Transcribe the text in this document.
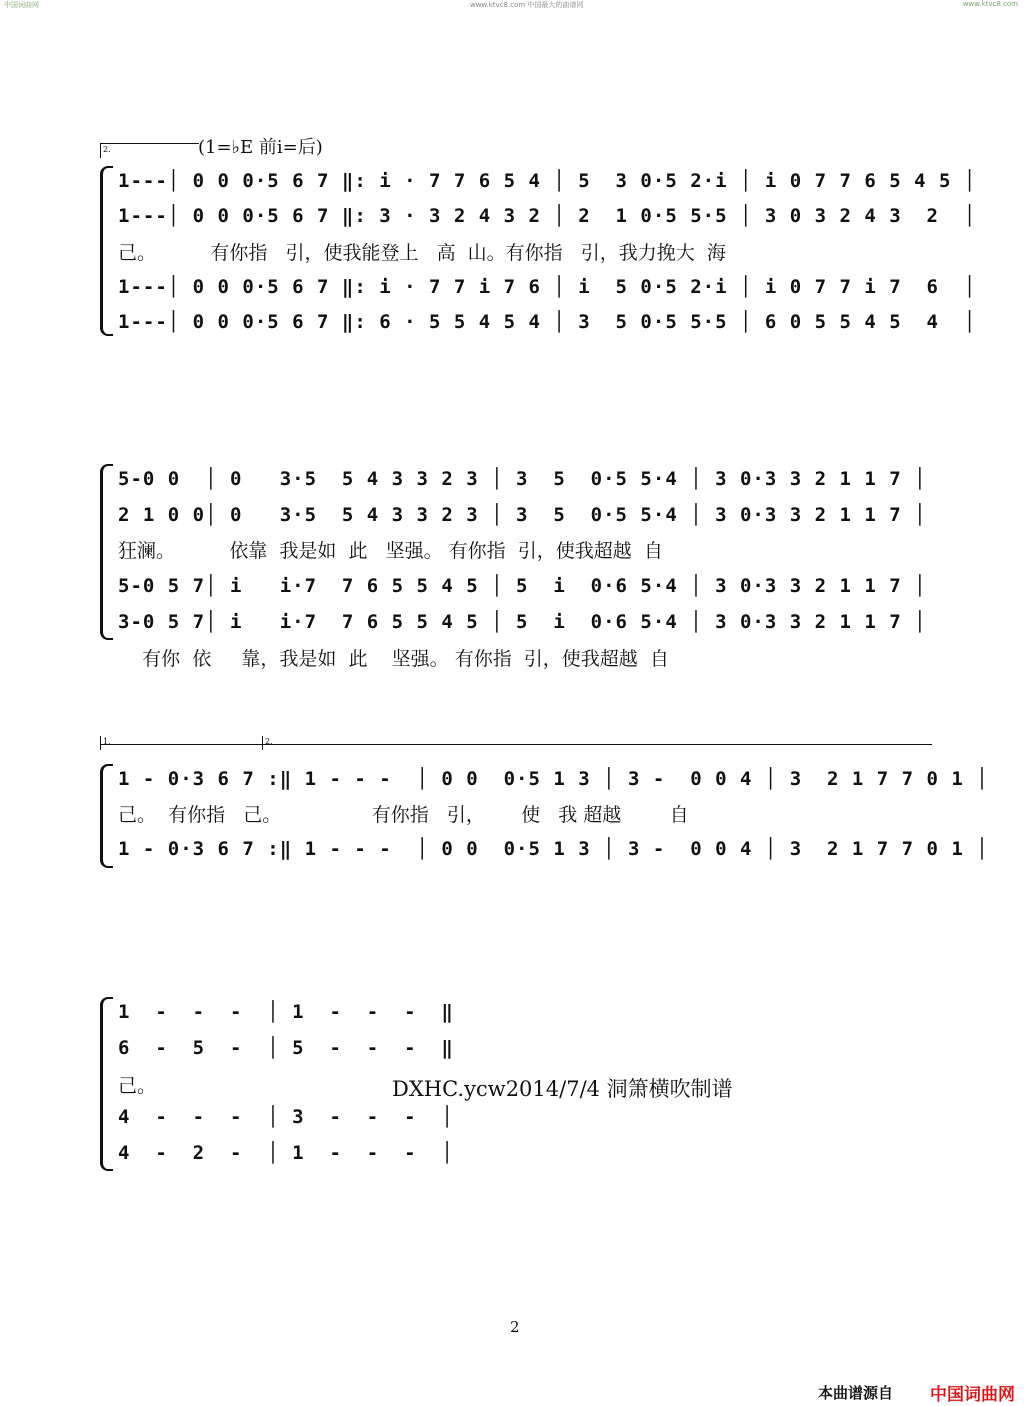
中国词曲网	www.ktvc8.com 中国最大的曲谱网	www.ktvc8.com
2.	(1=♭E 前i=后)
1---│ 0 0 0·5 6 7 ‖: i · 7 7 6 5 4 │ 5  3 0·5 2·i │ i 0 7 7 6 5 4 5 │
1---│ 0 0 0·5 6 7 ‖: 3 · 3 2 4 3 2 │ 2  1 0·5 5·5 │ 3 0 3 2 4 3  2  │
己。         有你指   引，使我能登上   高  山。有你指   引，我力挽大  海
1---│ 0 0 0·5 6 7 ‖: i · 7 7 i 7 6 │ i  5 0·5 2·i │ i 0 7 7 i 7  6  │
1---│ 0 0 0·5 6 7 ‖: 6 · 5 5 4 5 4 │ 3  5 0·5 5·5 │ 6 0 5 5 4 5  4  │
5-0 0  │ 0   3·5  5 4 3 3 2 3 │ 3  5  0·5 5·4 │ 3 0·3 3 2 1 1 7 │
2 1 0 0│ 0   3·5  5 4 3 3 2 3 │ 3  5  0·5 5·4 │ 3 0·3 3 2 1 1 7 │
狂澜。         依靠  我是如  此   坚强。 有你指  引，使我超越  自
5-0 5 7│ i   i·7  7 6 5 5 4 5 │ 5  i  0·6 5·4 │ 3 0·3 3 2 1 1 7 │
3-0 5 7│ i   i·7  7 6 5 5 4 5 │ 5  i  0·6 5·4 │ 3 0·3 3 2 1 1 7 │
有你  依     靠，我是如  此    坚强。 有你指  引，使我超越  自
1.	2.
1 - 0·3 6 7 :‖ 1 - - -  │ 0 0  0·5 1 3 │ 3 -  0 0 4 │ 3  2 1 7 7 0 1 │
己。  有你指   己。               有你指   引，      使   我 超越        自
1 - 0·3 6 7 :‖ 1 - - -  │ 0 0  0·5 1 3 │ 3 -  0 0 4 │ 3  2 1 7 7 0 1 │
1  -  -  -  │ 1  -  -  -  ‖
6  -  5  -  │ 5  -  -  -  ‖
己。
4  -  -  -  │ 3  -  -  -  │
4  -  2  -  │ 1  -  -  -  │
DXHC.ycw2014/7/4 洞箫横吹制谱
2
本曲谱源自 中国词曲网
